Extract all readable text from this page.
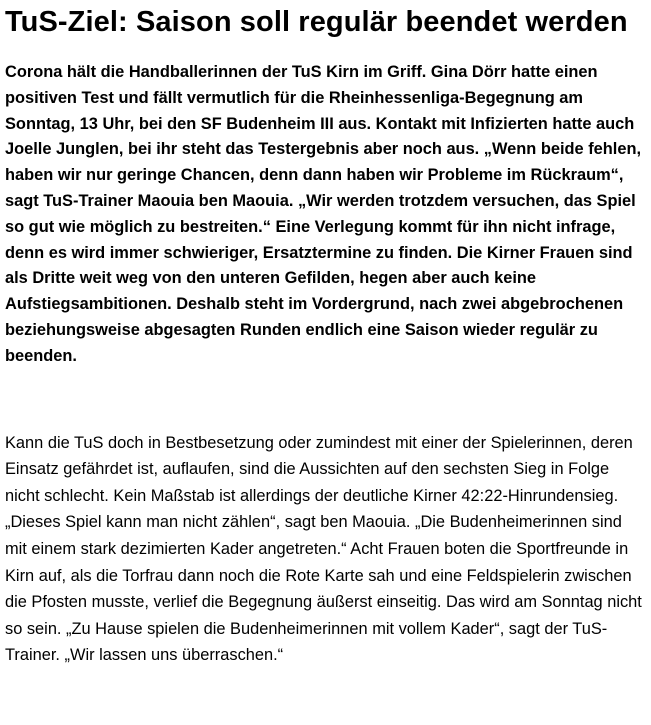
TuS-Ziel: Saison soll regulär beendet werden

Corona hält die Handballerinnen der TuS Kirn im Griff. Gina Dörr hatte einen positiven Test und fällt vermutlich für die Rheinhessenliga-Begegnung am Sonntag, 13 Uhr, bei den SF Budenheim III aus. Kontakt mit Infizierten hatte auch Joelle Junglen, bei ihr steht das Testergebnis aber noch aus. „Wenn beide fehlen, haben wir nur geringe Chancen, denn dann haben wir Probleme im Rückraum“, sagt TuS-Trainer Maouia ben Maouia. „Wir werden trotzdem versuchen, das Spiel so gut wie möglich zu bestreiten.“ Eine Verlegung kommt für ihn nicht infrage, denn es wird immer schwieriger, Ersatztermine zu finden. Die Kirner Frauen sind als Dritte weit weg von den unteren Gefilden, hegen aber auch keine Aufstiegsambitionen. Deshalb steht im Vordergrund, nach zwei abgebrochenen beziehungsweise abgesagten Runden endlich eine Saison wieder regulär zu beenden.

Kann die TuS doch in Bestbesetzung oder zumindest mit einer der Spielerinnen, deren Einsatz gefährdet ist, auflaufen, sind die Aussichten auf den sechsten Sieg in Folge nicht schlecht. Kein Maßstab ist allerdings der deutliche Kirner 42:22-Hinrundensieg. „Dieses Spiel kann man nicht zählen“, sagt ben Maouia. „Die Budenheimerinnen sind mit einem stark dezimierten Kader angetreten.“ Acht Frauen boten die Sportfreunde in Kirn auf, als die Torfrau dann noch die Rote Karte sah und eine Feldspielerin zwischen die Pfosten musste, verlief die Begegnung äußerst einseitig. Das wird am Sonntag nicht so sein. „Zu Hause spielen die Budenheimerinnen mit vollem Kader“, sagt der TuS-Trainer. „Wir lassen uns überraschen.“
